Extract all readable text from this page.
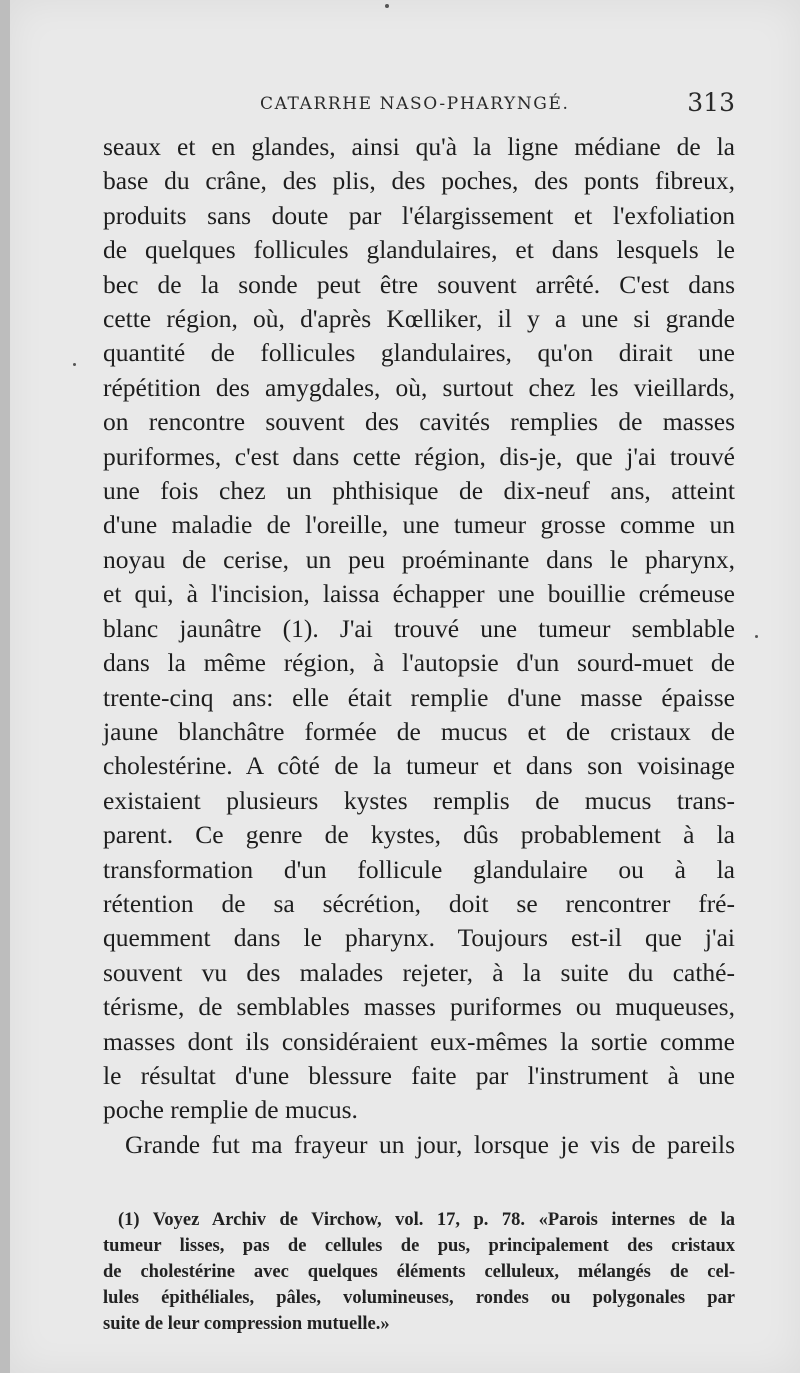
CATARRHE NASO-PHARYNGÉ.	313
seaux et en glandes, ainsi qu'à la ligne médiane de la
base du crâne, des plis, des poches, des ponts fibreux,
produits sans doute par l'élargissement et l'exfoliation
de quelques follicules glandulaires, et dans lesquels le
bec de la sonde peut être souvent arrêté. C'est dans
cette région, où, d'après Kœlliker, il y a une si grande
quantité de follicules glandulaires, qu'on dirait une
répétition des amygdales, où, surtout chez les vieillards,
on rencontre souvent des cavités remplies de masses
puriformes, c'est dans cette région, dis-je, que j'ai trouvé
une fois chez un phthisique de dix-neuf ans, atteint
d'une maladie de l'oreille, une tumeur grosse comme un
noyau de cerise, un peu proéminante dans le pharynx,
et qui, à l'incision, laissa échapper une bouillie crémeuse
blanc jaunâtre (1). J'ai trouvé une tumeur semblable
dans la même région, à l'autopsie d'un sourd-muet de
trente-cinq ans: elle était remplie d'une masse épaisse
jaune blanchâtre formée de mucus et de cristaux de
cholestérine. A côté de la tumeur et dans son voisinage
existaient plusieurs kystes remplis de mucus trans-
parent. Ce genre de kystes, dûs probablement à la
transformation d'un follicule glandulaire ou à la
rétention de sa sécrétion, doit se rencontrer fré-
quemment dans le pharynx. Toujours est-il que j'ai
souvent vu des malades rejeter, à la suite du cathé-
térisme, de semblables masses puriformes ou muqueuses,
masses dont ils considéraient eux-mêmes la sortie comme
le résultat d'une blessure faite par l'instrument à une
poche remplie de mucus.
Grande fut ma frayeur un jour, lorsque je vis de pareils
(1) Voyez Archiv de Virchow, vol. 17, p. 78. «Parois internes de la
tumeur lisses, pas de cellules de pus, principalement des cristaux
de cholestérine avec quelques éléments celluleux, mélangés de cel-
lules épithéliales, pâles, volumineuses, rondes ou polygonales par
suite de leur compression mutuelle.»
